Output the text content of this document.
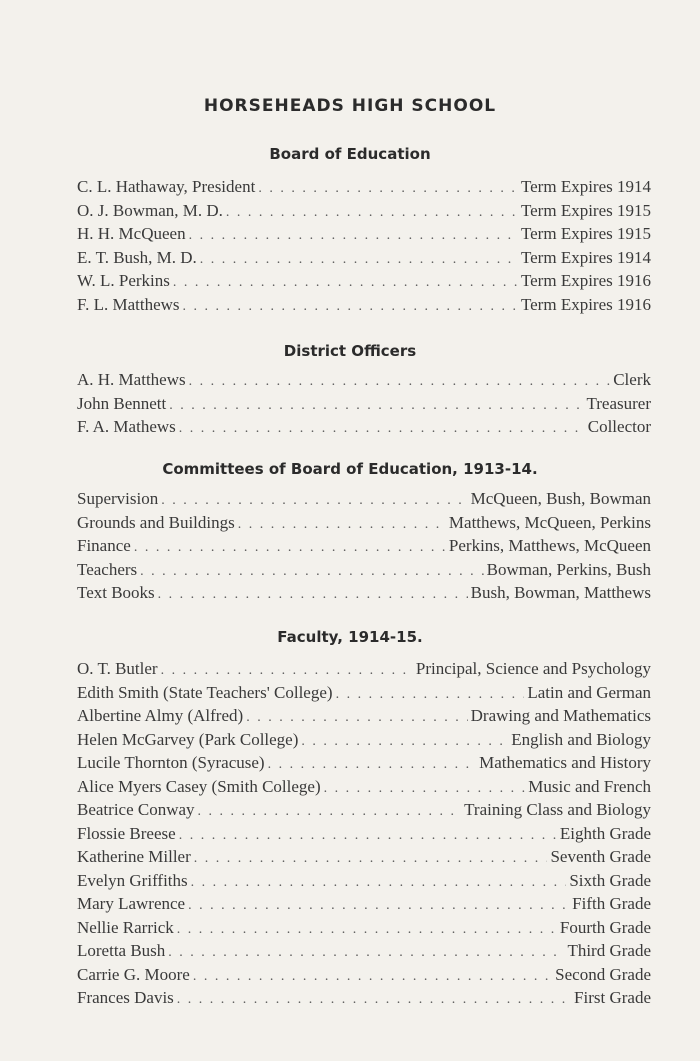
HORSEHEADS HIGH SCHOOL
Board of Education
C. L. Hathaway, President . . .	Term Expires 1914
O. J. Bowman, M. D. . . .	Term Expires 1915
H. H. McQueen . . .	Term Expires 1915
E. T. Bush, M. D. . . .	Term Expires 1914
W. L. Perkins . . .	Term Expires 1916
F. L. Matthews . . .	Term Expires 1916
District Officers
A. H. Matthews . . .	Clerk
John Bennett . . .	Treasurer
F. A. Mathews . . .	Collector
Committees of Board of Education, 1913-14.
Supervision . . .	McQueen, Bush, Bowman
Grounds and Buildings . . .	Matthews, McQueen, Perkins
Finance . . .	Perkins, Matthews, McQueen
Teachers . . .	Bowman, Perkins, Bush
Text Books . . .	Bush, Bowman, Matthews
Faculty, 1914-15.
O. T. Butler . . .	Principal, Science and Psychology
Edith Smith (State Teachers' College) . . .	Latin and German
Albertine Almy (Alfred) . . .	Drawing and Mathematics
Helen McGarvey (Park College) . . .	English and Biology
Lucile Thornton (Syracuse) . . .	Mathematics and History
Alice Myers Casey (Smith College) . . .	Music and French
Beatrice Conway . . .	Training Class and Biology
Flossie Breese . . .	Eighth Grade
Katherine Miller . . .	Seventh Grade
Evelyn Griffiths . . .	Sixth Grade
Mary Lawrence . . .	Fifth Grade
Nellie Rarrick . . .	Fourth Grade
Loretta Bush . . .	Third Grade
Carrie G. Moore . . .	Second Grade
Frances Davis . . .	First Grade
